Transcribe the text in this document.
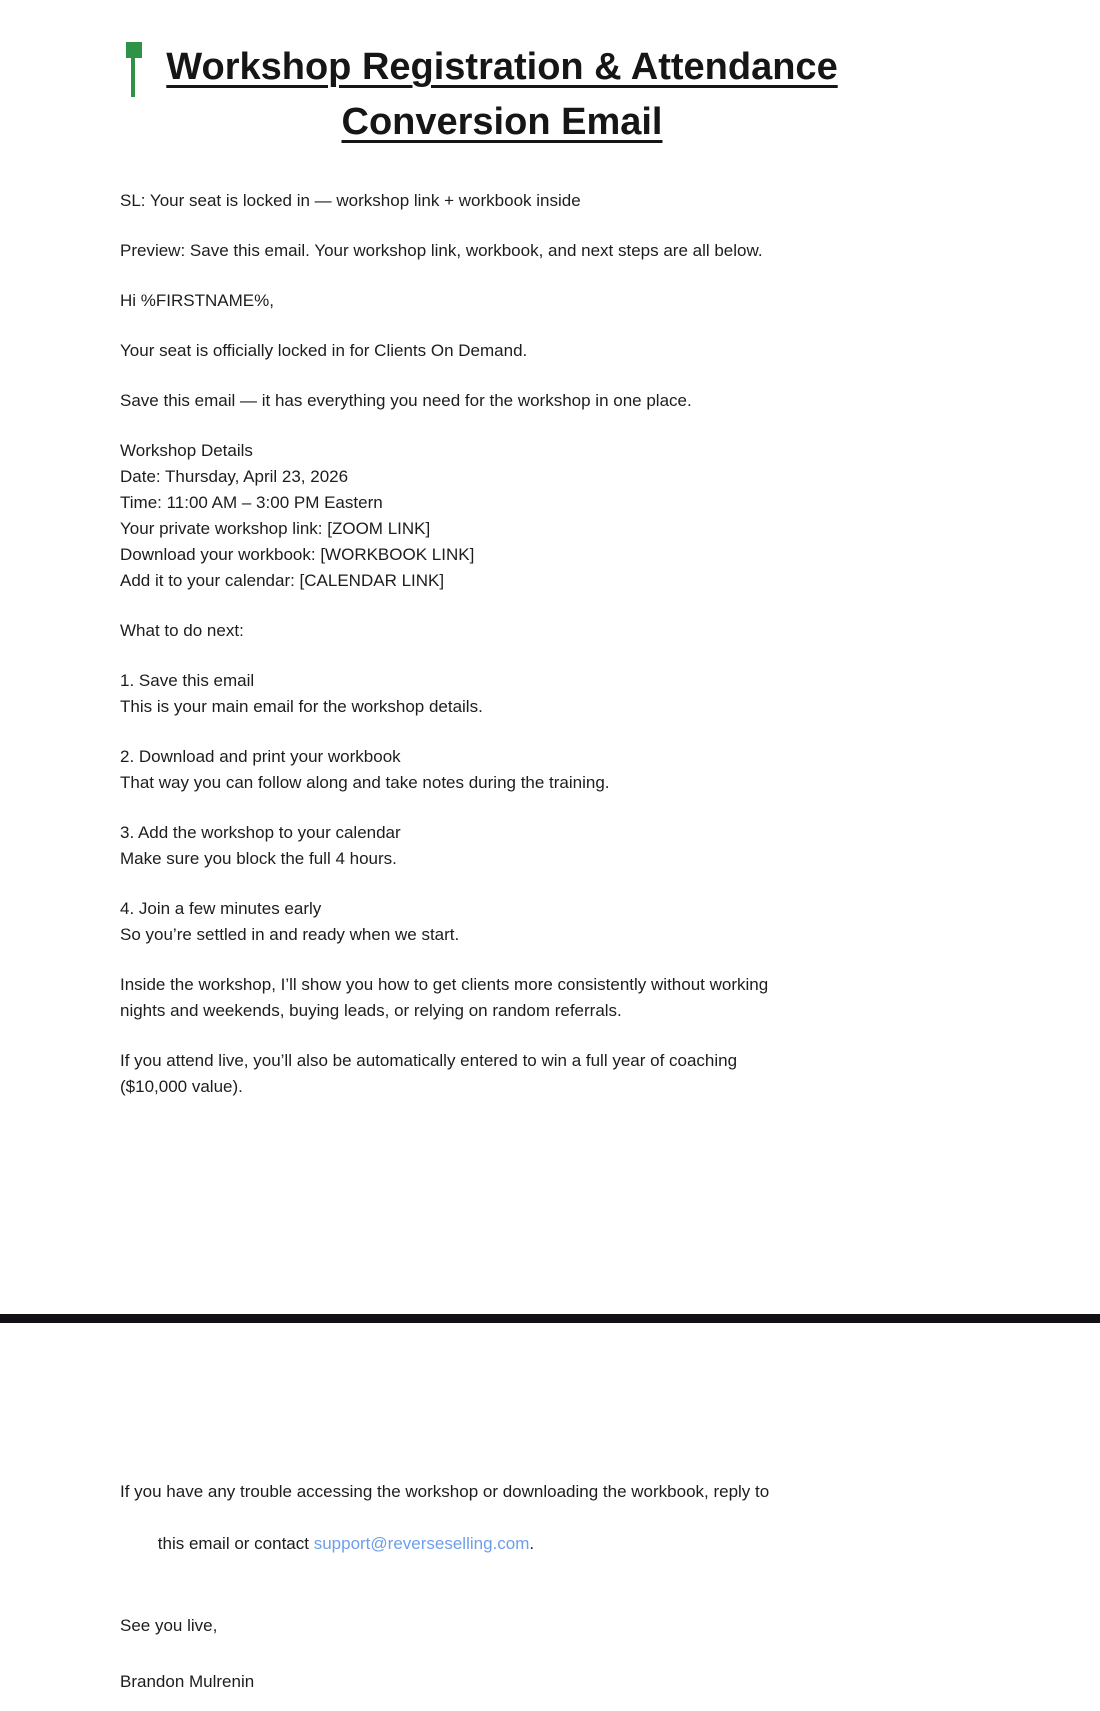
Workshop Registration & Attendance
Conversion Email
SL: Your seat is locked in — workshop link + workbook inside
Preview: Save this email. Your workshop link, workbook, and next steps are all below.
Hi %FIRSTNAME%,
Your seat is officially locked in for Clients On Demand.
Save this email — it has everything you need for the workshop in one place.
Workshop Details
Date: Thursday, April 23, 2026
Time: 11:00 AM – 3:00 PM Eastern
Your private workshop link: [ZOOM LINK]
Download your workbook: [WORKBOOK LINK]
Add it to your calendar: [CALENDAR LINK]
What to do next:
1. Save this email
This is your main email for the workshop details.
2. Download and print your workbook
That way you can follow along and take notes during the training.
3. Add the workshop to your calendar
Make sure you block the full 4 hours.
4. Join a few minutes early
So you’re settled in and ready when we start.
Inside the workshop, I’ll show you how to get clients more consistently without working
nights and weekends, buying leads, or relying on random referrals.
If you attend live, you’ll also be automatically entered to win a full year of coaching
($10,000 value).
If you have any trouble accessing the workshop or downloading the workbook, reply to

this email or contact support@reverseselling.com.

See you live,
Brandon Mulrenin
